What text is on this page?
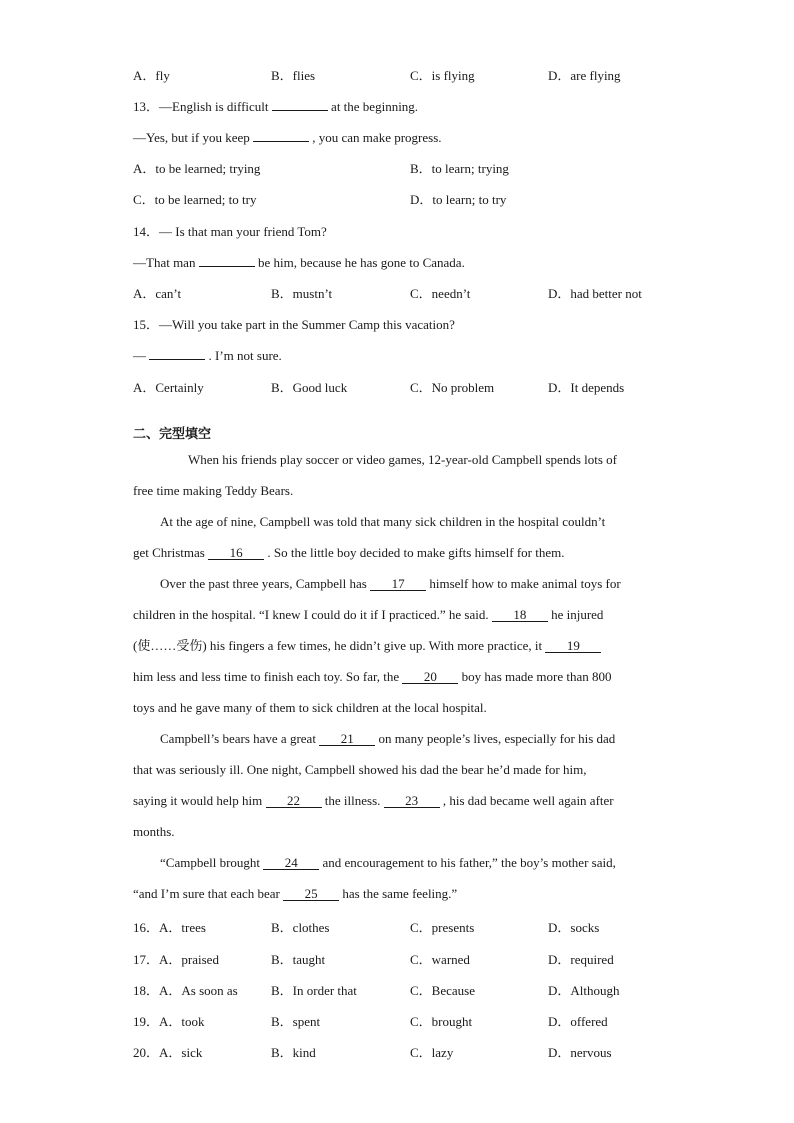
A．fly	B．flies	C．is flying	D．are flying
13．—English is difficult	at the beginning.
—Yes, but if you keep	, you can make progress.
A．to be learned; trying	B．to learn; trying
C．to be learned; to try	D．to learn; to try
14．— Is that man your friend Tom?
—That man	be him, because he has gone to Canada.
A．can’t	B．mustn’t	C．needn’t	D．had better not
15．—Will you take part in the Summer Camp this vacation?
—	. I’m not sure.
A．Certainly	B．Good luck	C．No problem	D．It depends
二、完型填空
When his friends play soccer or video games, 12-year-old Campbell spends lots of
free time making Teddy Bears.
At the age of nine, Campbell was told that many sick children in the hospital couldn’t
get Christmas 16 . So the little boy decided to make gifts himself for them.
Over the past three years, Campbell has 17 himself how to make animal toys for
children in the hospital. “I knew I could do it if I practiced.” he said. 18 he injured
(使……受伤) his fingers a few times, he didn’t give up. With more practice, it 19
him less and less time to finish each toy. So far, the 20 boy has made more than 800
toys and he gave many of them to sick children at the local hospital.
Campbell’s bears have a great 21 on many people’s lives, especially for his dad
that was seriously ill. One night, Campbell showed his dad the bear he’d made for him,
saying it would help him 22 the illness. 23 , his dad became well again after
months.
“Campbell brought 24 and encouragement to his father,” the boy’s mother said,
“and I’m sure that each bear 25 has the same feeling.”
16．A．trees	B．clothes	C．presents	D．socks
17．A．praised	B．taught	C．warned	D．required
18．A．As soon as	B．In order that	C．Because	D．Although
19．A．took	B．spent	C．brought	D．offered
20．A．sick	B．kind	C．lazy	D．nervous
